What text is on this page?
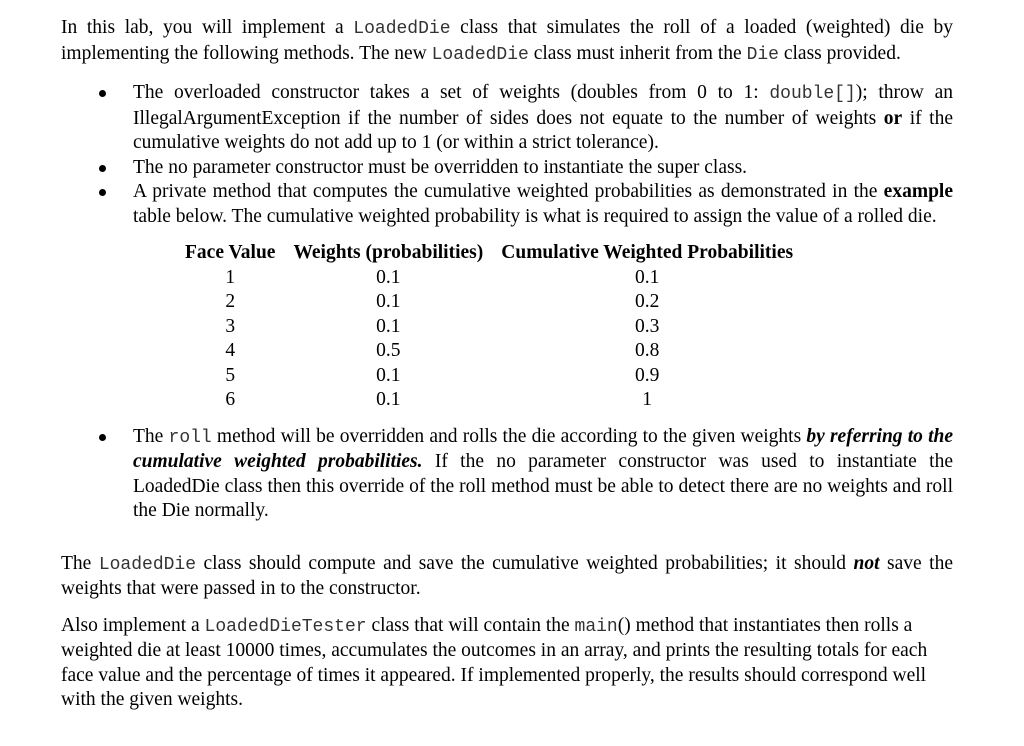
In this lab, you will implement a LoadedDie class that simulates the roll of a loaded (weighted) die by implementing the following methods. The new LoadedDie class must inherit from the Die class provided.

The overloaded constructor takes a set of weights (doubles from 0 to 1: double[]); throw an IllegalArgumentException if the number of sides does not equate to the number of weights or if the cumulative weights do not add up to 1 (or within a strict tolerance).
The no parameter constructor must be overridden to instantiate the super class.
A private method that computes the cumulative weighted probabilities as demonstrated in the example table below. The cumulative weighted probability is what is required to assign the value of a rolled die.
Face Value	Weights (probabilities)	Cumulative Weighted Probabilities
1	0.1	0.1
2	0.1	0.2
3	0.1	0.3
4	0.5	0.8
5	0.1	0.9
6	0.1	1
The roll method will be overridden and rolls the die according to the given weights by referring to the cumulative weighted probabilities. If the no parameter constructor was used to instantiate the LoadedDie class then this override of the roll method must be able to detect there are no weights and roll the Die normally.

The LoadedDie class should compute and save the cumulative weighted probabilities; it should not save the weights that were passed in to the constructor.

Also implement a LoadedDieTester class that will contain the main() method that instantiates then rolls a weighted die at least 10000 times, accumulates the outcomes in an array, and prints the resulting totals for each face value and the percentage of times it appeared. If implemented properly, the results should correspond well with the given weights.
